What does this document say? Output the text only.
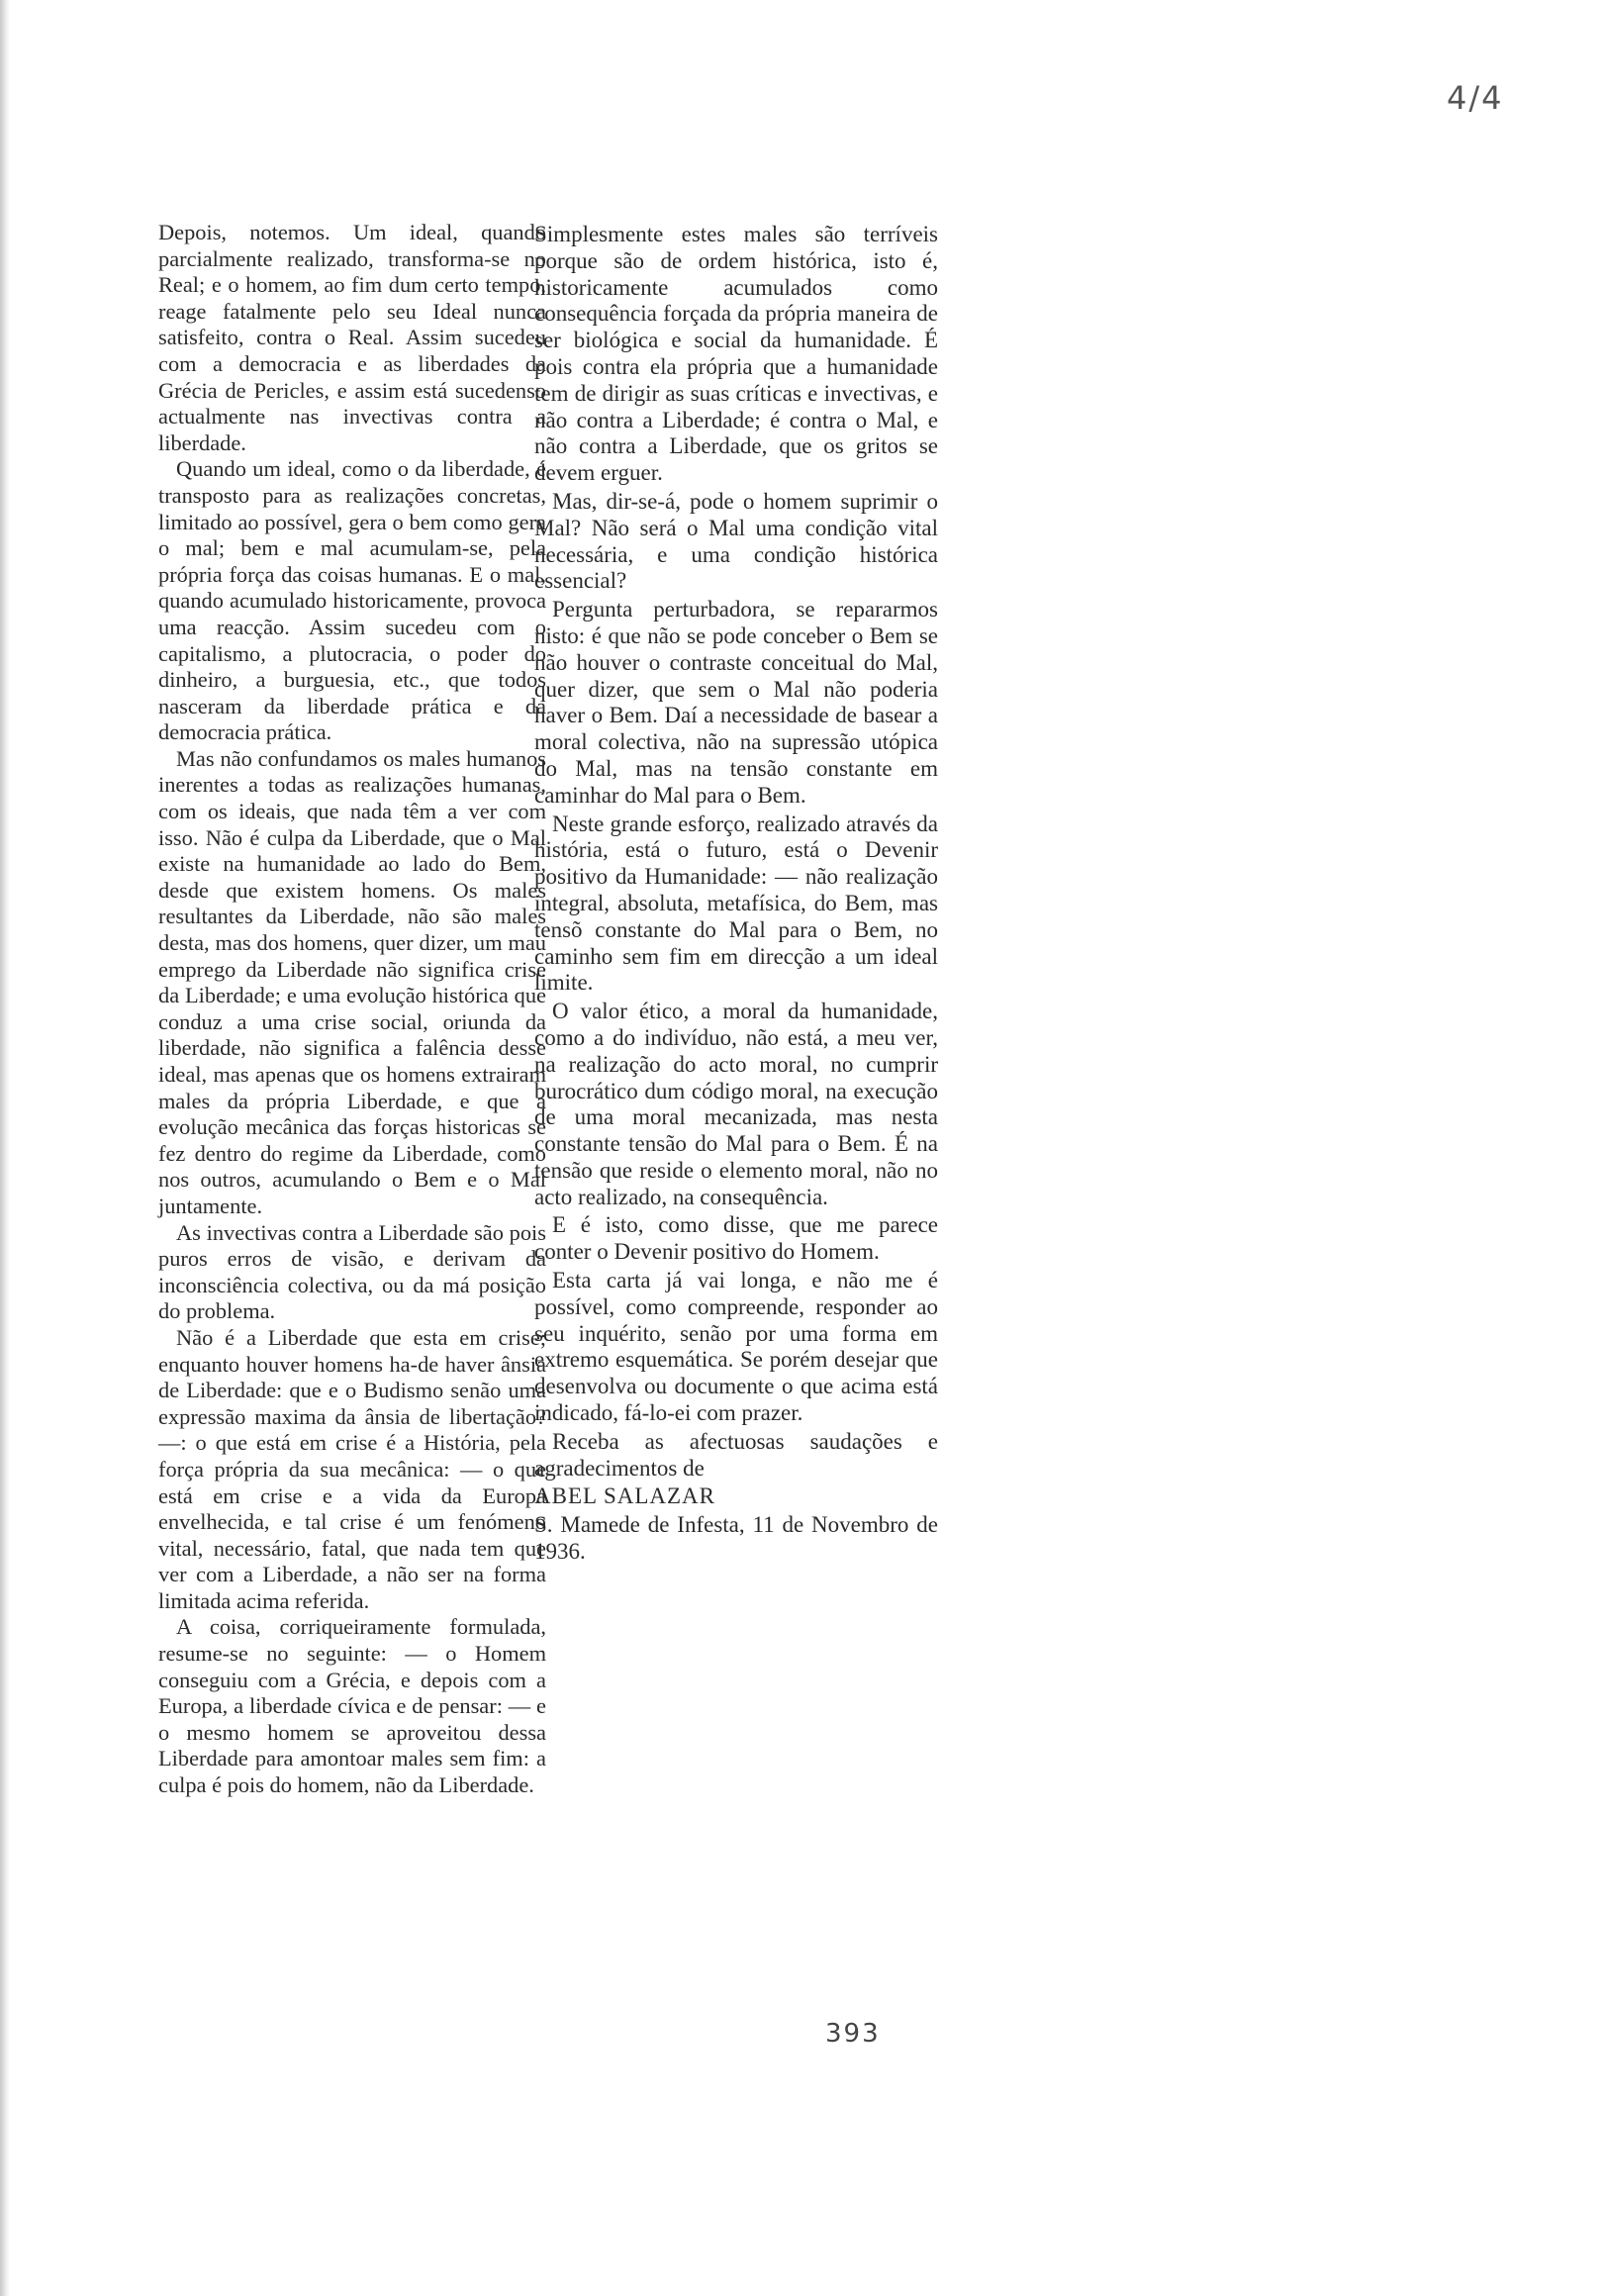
4/4

Depois, notemos. Um ideal, quando parcialmente realizado, transforma-se no Real; e o homem, ao fim dum certo tempo, reage fatalmente pelo seu Ideal nunca satisfeito, contra o Real. Assim sucedeu com a democracia e as liberdades da Grécia de Pericles, e assim está sucedenso actualmente nas invectivas contra a liberdade.

Quando um ideal, como o da liberdade, é transposto para as realizações concretas, limitado ao possível, gera o bem como gera o mal; bem e mal acumulam-se, pela própria força das coisas humanas. E o mal, quando acumulado historicamente, provoca uma reacção. Assim sucedeu com o capitalismo, a plutocracia, o poder do dinheiro, a burguesia, etc., que todos nasceram da liberdade prática e da democracia prática.

Mas não confundamos os males humanos inerentes a todas as realizações humanas, com os ideais, que nada têm a ver com isso. Não é culpa da Liberdade, que o Mal existe na humanidade ao lado do Bem, desde que existem homens. Os males resultantes da Liberdade, não são males desta, mas dos homens, quer dizer, um mau emprego da Liberdade não significa crise da Liberdade; e uma evolução histórica que conduz a uma crise social, oriunda da liberdade, não significa a falência desse ideal, mas apenas que os homens extrairam males da própria Liberdade, e que a evolução mecânica das forças historicas se fez dentro do regime da Liberdade, como nos outros, acumulando o Bem e o Mal juntamente.

As invectivas contra a Liberdade são pois puros erros de visão, e derivam da inconsciência colectiva, ou da má posição do problema.

Não é a Liberdade que esta em crise; enquanto houver homens ha-de haver ânsia de Liberdade: que e o Budismo senão uma expressão maxima da ânsia de libertação? —: o que está em crise é a História, pela força própria da sua mecânica: — o que está em crise e a vida da Europa envelhecida, e tal crise é um fenómeno vital, necessário, fatal, que nada tem que ver com a Liberdade, a não ser na forma limitada acima referida.

A coisa, corriqueiramente formulada, resume-se no seguinte: — o Homem conseguiu com a Grécia, e depois com a Europa, a liberdade cívica e de pensar: — e o mesmo homem se aproveitou dessa Liberdade para amontoar males sem fim: a culpa é pois do homem, não da Liberdade.

Simplesmente estes males são terríveis porque são de ordem histórica, isto é, historicamente acumulados como consequência forçada da própria maneira de ser biológica e social da humanidade. É pois contra ela própria que a humanidade tem de dirigir as suas críticas e invectivas, e não contra a Liberdade; é contra o Mal, e não contra a Liberdade, que os gritos se devem erguer.

Mas, dir-se-á, pode o homem suprimir o Mal? Não será o Mal uma condição vital necessária, e uma condição histórica essencial?

Pergunta perturbadora, se repararmos nisto: é que não se pode conceber o Bem se não houver o contraste conceitual do Mal, quer dizer, que sem o Mal não poderia haver o Bem. Daí a necessidade de basear a moral colectiva, não na supressão utópica do Mal, mas na tensão constante em caminhar do Mal para o Bem.

Neste grande esforço, realizado através da história, está o futuro, está o Devenir positivo da Humanidade: — não realização integral, absoluta, metafísica, do Bem, mas tensõ constante do Mal para o Bem, no caminho sem fim em direcção a um ideal limite.

O valor ético, a moral da humanidade, como a do indivíduo, não está, a meu ver, na realização do acto moral, no cumprir burocrático dum código moral, na execução de uma moral mecanizada, mas nesta constante tensão do Mal para o Bem. É na tensão que reside o elemento moral, não no acto realizado, na consequência.

E é isto, como disse, que me parece conter o Devenir positivo do Homem.

Esta carta já vai longa, e não me é possível, como compreende, responder ao seu inquérito, senão por uma forma em extremo esquemática. Se porém desejar que desenvolva ou documente o que acima está indicado, fá-lo-ei com prazer.

Receba as afectuosas saudações e agradecimentos de

ABEL SALAZAR

S. Mamede de Infesta, 11 de Novembro de 1936.

393
